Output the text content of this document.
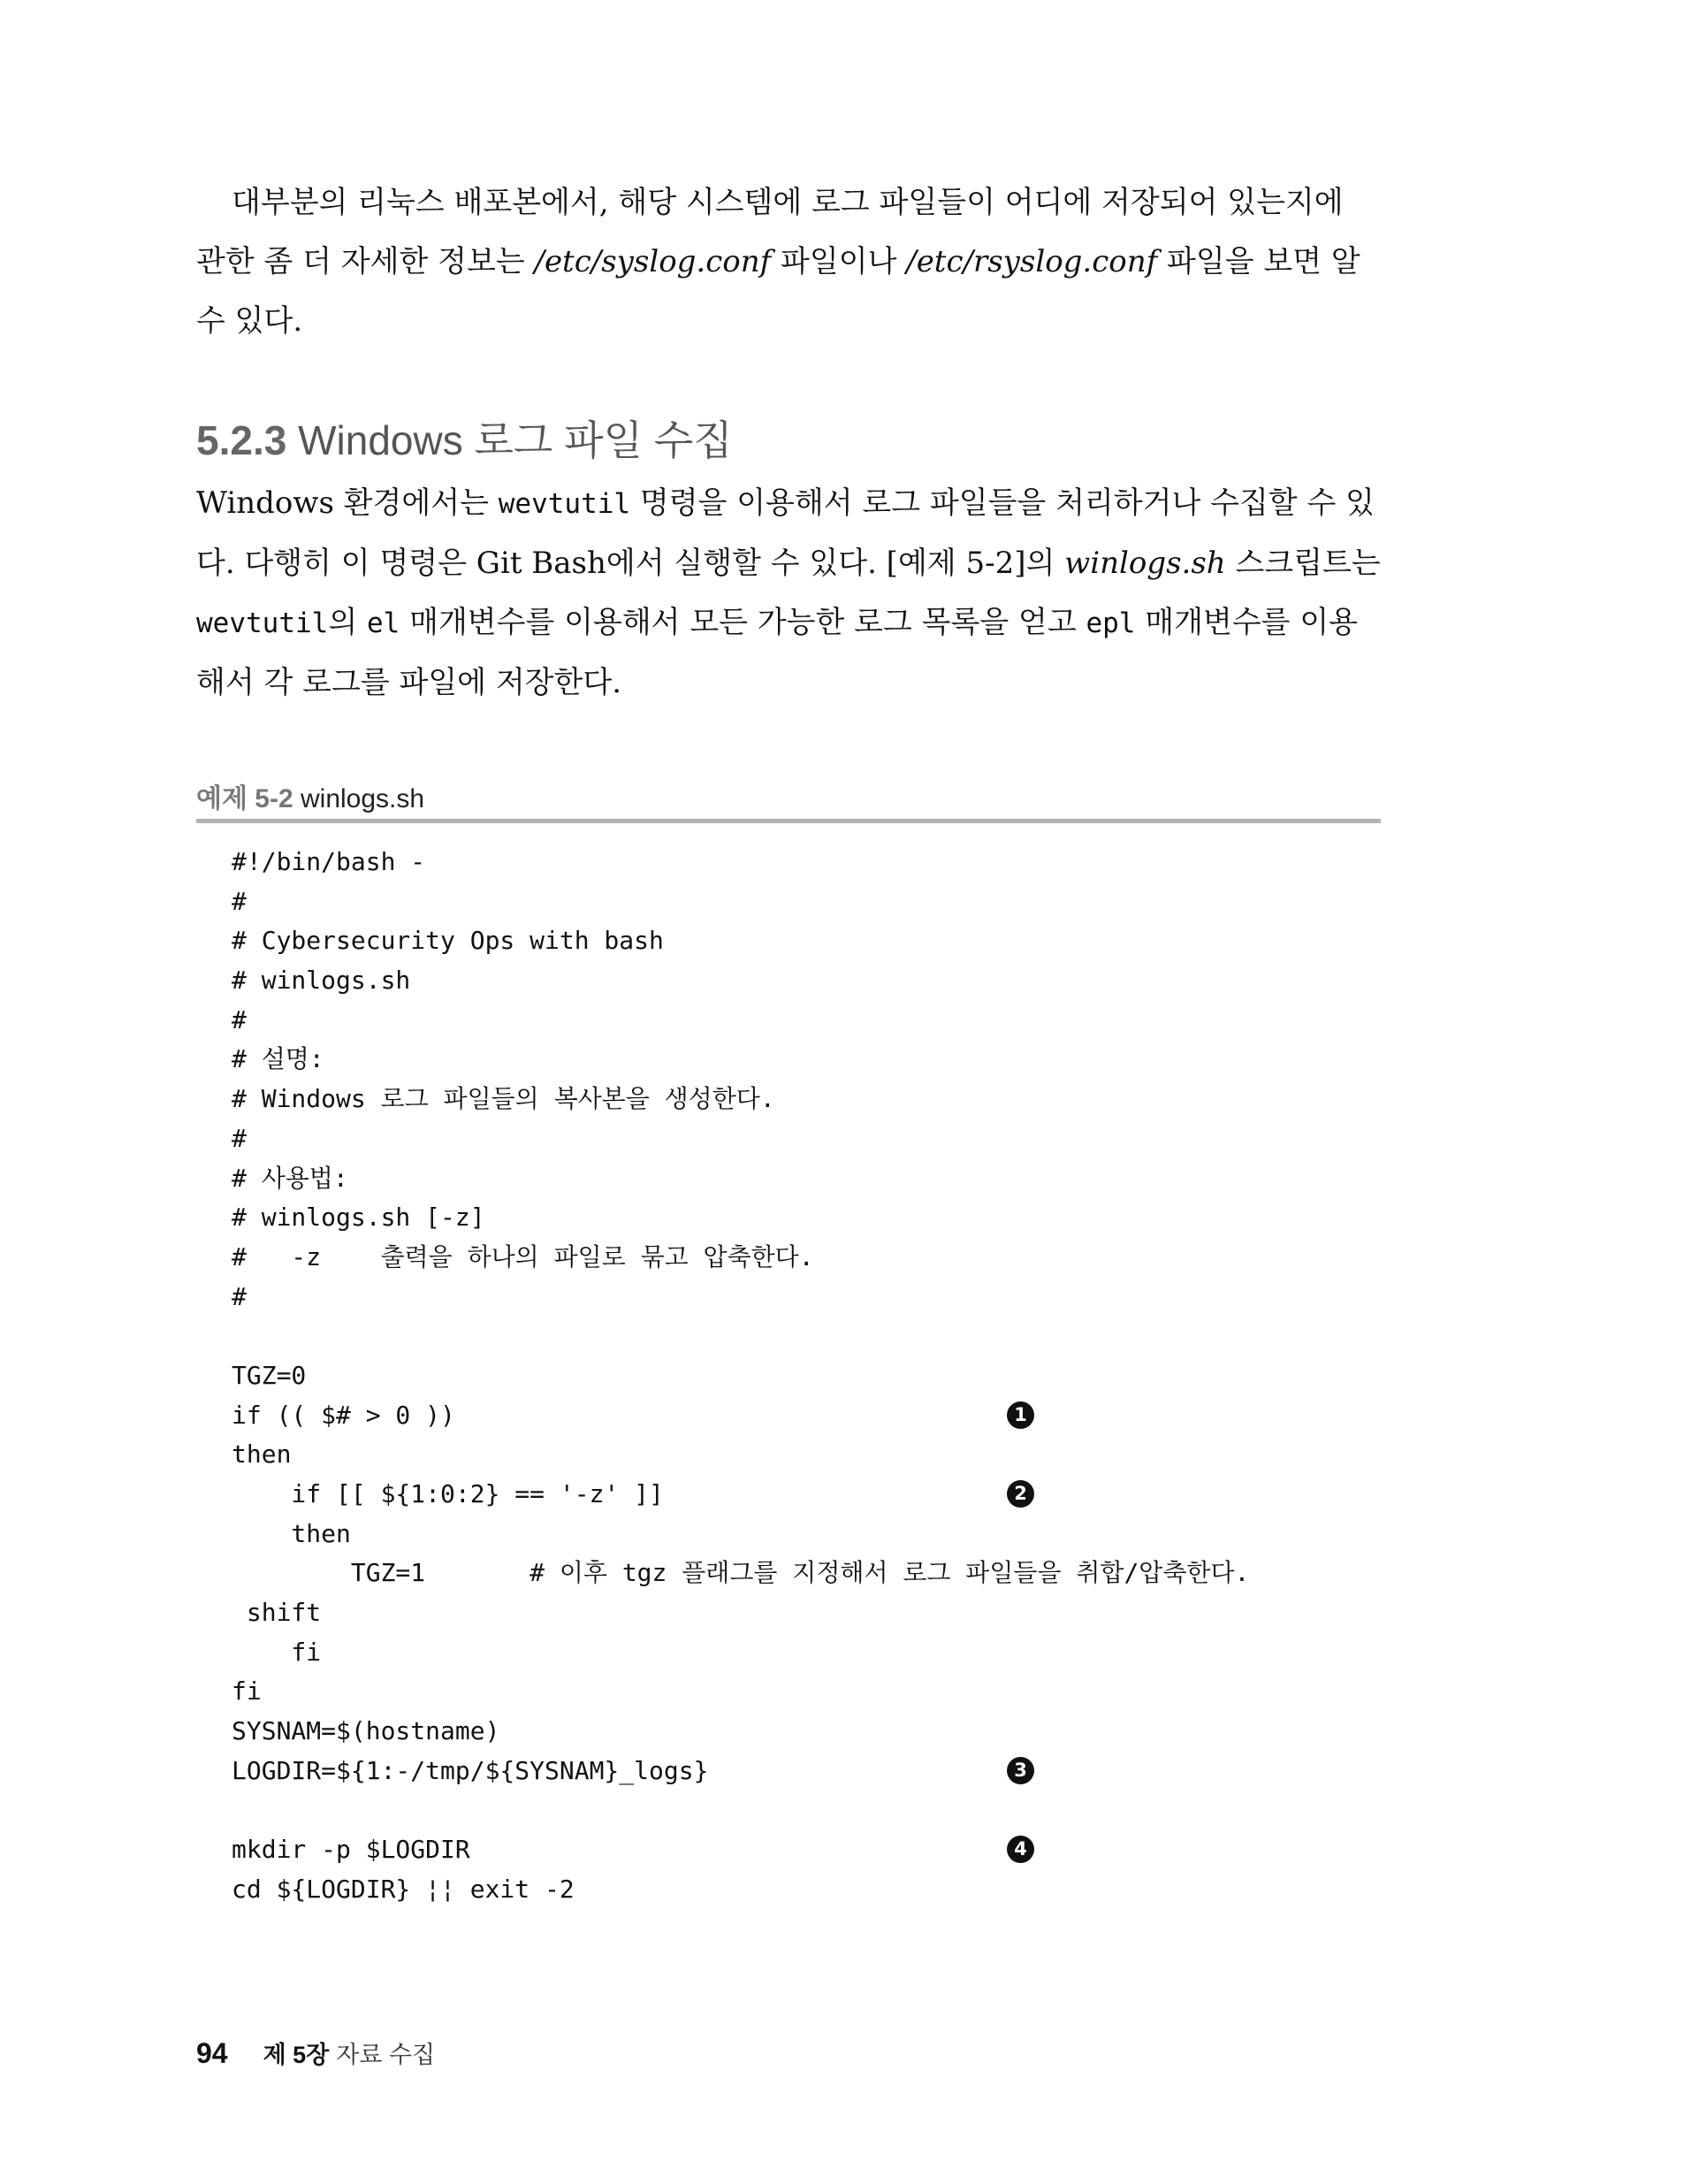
대부분의 리눅스 배포본에서, 해당 시스템에 로그 파일들이 어디에 저장되어 있는지에 관한 좀 더 자세한 정보는 /etc/syslog.conf 파일이나 /etc/rsyslog.conf 파일을 보면 알 수 있다.

5.2.3 Windows 로그 파일 수집

Windows 환경에서는 wevtutil 명령을 이용해서 로그 파일들을 처리하거나 수집할 수 있다. 다행히 이 명령은 Git Bash에서 실행할 수 있다. [예제 5-2]의 winlogs.sh 스크립트는 wevtutil의 el 매개변수를 이용해서 모든 가능한 로그 목록을 얻고 epl 매개변수를 이용해서 각 로그를 파일에 저장한다.

예제 5-2 winlogs.sh
#!/bin/bash -
#
# Cybersecurity Ops with bash
# winlogs.sh
#
# 설명:
# Windows 로그 파일들의 복사본을 생성한다.
#
# 사용법:
# winlogs.sh [-z]
#   -z    출력을 하나의 파일로 묶고 압축한다.
#
TGZ=0
if (( $# > 0 ))	1
then
if [[ ${1:0:2} == '-z' ]]	2
then
TGZ=1       # 이후 tgz 플래그를 지정해서 로그 파일들을 취합/압축한다.
shift
fi
fi
SYSNAM=$(hostname)
LOGDIR=${1:-/tmp/${SYSNAM}_logs}	3
mkdir -p $LOGDIR	4
cd ${LOGDIR} ¦¦ exit -2
94 제 5장 자료 수집
